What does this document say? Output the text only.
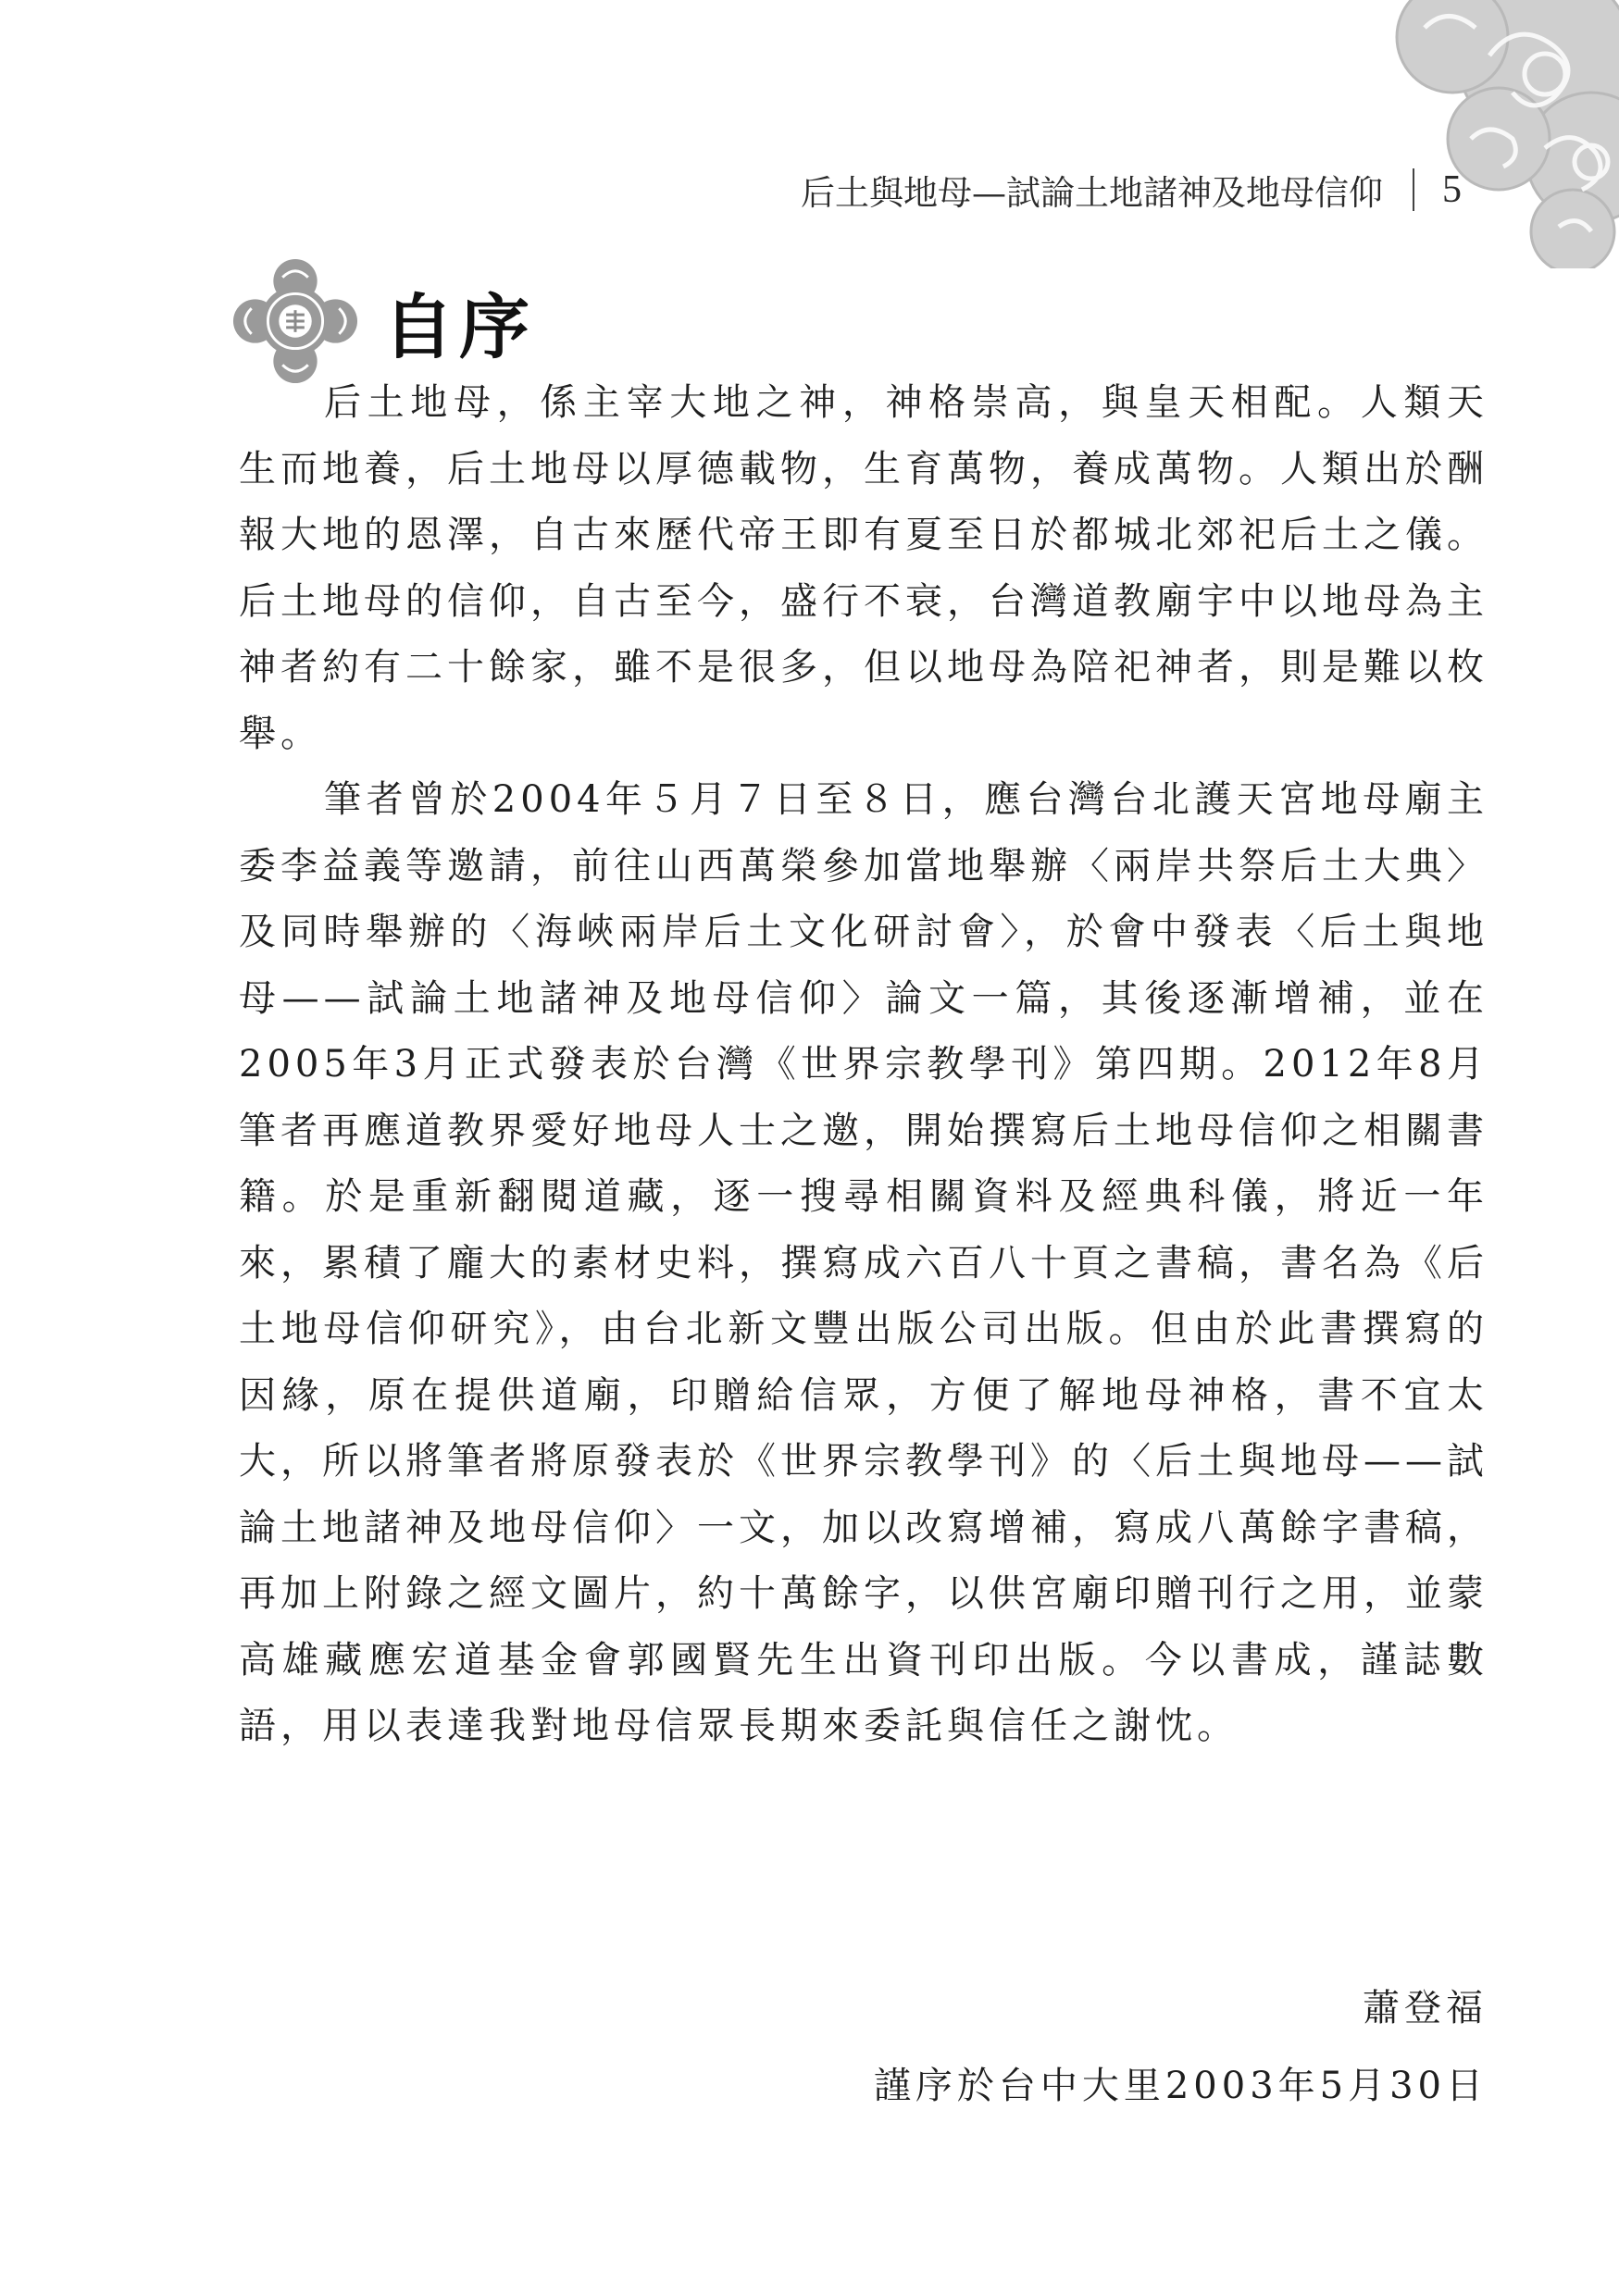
后土與地母—試論土地諸神及地母信仰 5
自序

后土地母，係主宰大地之神，神格崇高，與皇天相配。人類天生而地養，后土地母以厚德載物，生育萬物，養成萬物。人類出於酬報大地的恩澤，自古來歷代帝王即有夏至日於都城北郊祀后土之儀。后土地母的信仰，自古至今，盛行不衰，台灣道教廟宇中以地母為主神者約有二十餘家，雖不是很多，但以地母為陪祀神者，則是難以枚舉。

筆者曾於2004年５月７日至８日，應台灣台北護天宮地母廟主委李益義等邀請，前往山西萬榮參加當地舉辦〈兩岸共祭后土大典〉及同時舉辦的〈海峽兩岸后土文化研討會〉，於會中發表〈后土與地母——試論土地諸神及地母信仰〉論文一篇，其後逐漸增補，並在2005年3月正式發表於台灣《世界宗教學刊》第四期。2012年8月筆者再應道教界愛好地母人士之邀，開始撰寫后土地母信仰之相關書籍。於是重新翻閱道藏，逐一搜尋相關資料及經典科儀，將近一年來，累積了龐大的素材史料，撰寫成六百八十頁之書稿，書名為《后土地母信仰研究》，由台北新文豐出版公司出版。但由於此書撰寫的因緣，原在提供道廟，印贈給信眾，方便了解地母神格，書不宜太大，所以將筆者將原發表於《世界宗教學刊》的〈后土與地母——試論土地諸神及地母信仰〉一文，加以改寫增補，寫成八萬餘字書稿，再加上附錄之經文圖片，約十萬餘字，以供宮廟印贈刊行之用，並蒙高雄藏應宏道基金會郭國賢先生出資刊印出版。今以書成，謹誌數語，用以表達我對地母信眾長期來委託與信任之謝忱。

蕭登福
謹序於台中大里2003年5月30日
